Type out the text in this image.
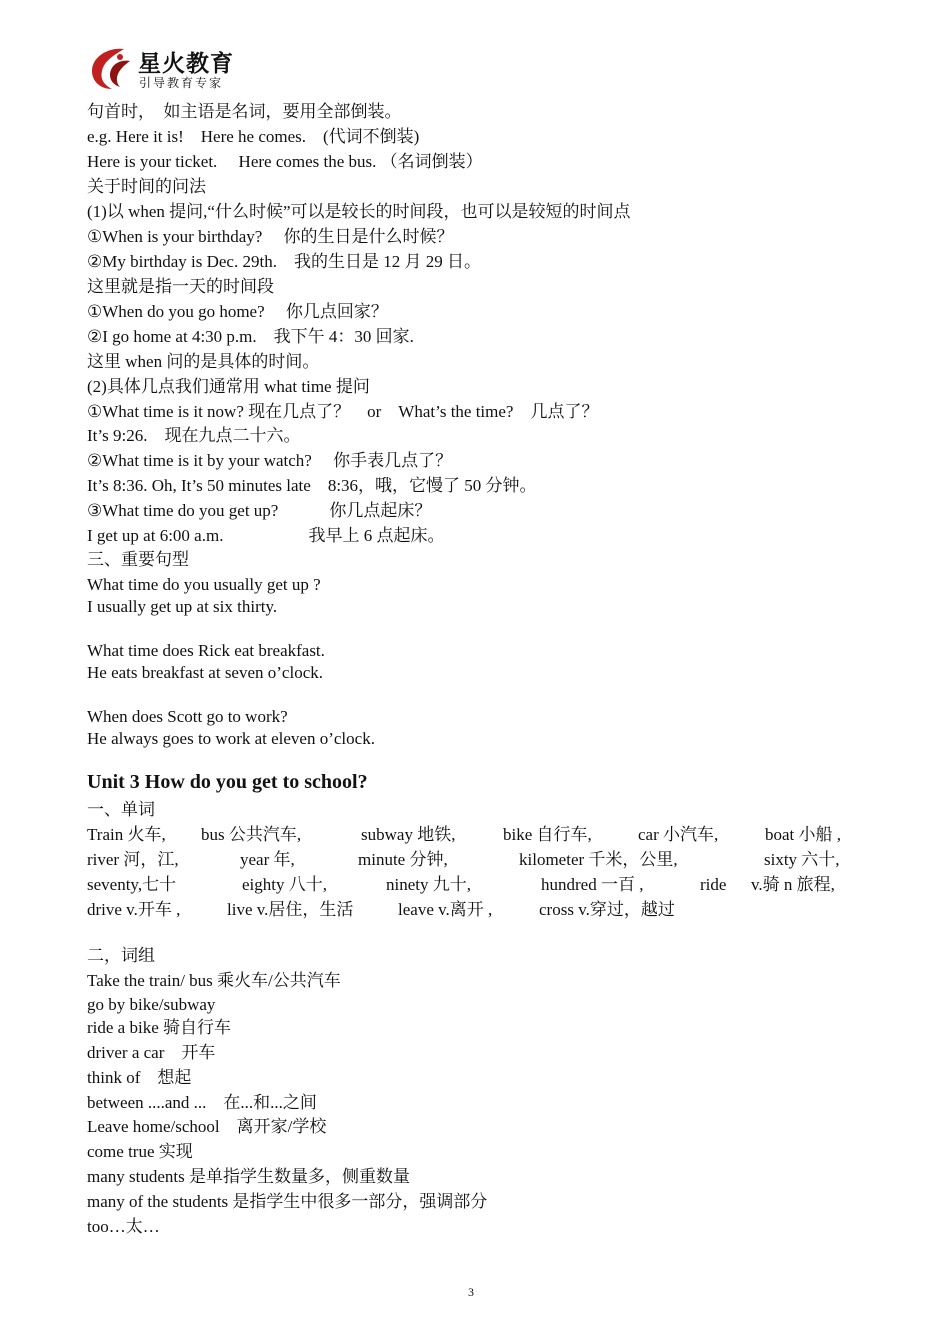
星火教育
引导教育专家
句首时，　如主语是名词，要用全部倒装。
e.g. Here it is!　Here he comes.　(代词不倒装)
Here is your ticket.　 Here comes the bus. （名词倒装）
关于时间的问法
(1)以 when 提问,“什么时候”可以是较长的时间段，也可以是较短的时间点
①When is your birthday?　 你的生日是什么时候？
②My birthday is Dec. 29th.　我的生日是 12 月 29 日。
这里就是指一天的时间段
①When do you go home?　 你几点回家？
②I go home at 4:30 p.m.　我下午 4：30 回家.
这里 when 问的是具体的时间。
(2)具体几点我们通常用 what time 提问
①What time is it now? 现在几点了？　or　What’s the time?　几点了？
It’s 9:26.　现在九点二十六。
②What time is it by your watch?　 你手表几点了？
It’s 8:36. Oh, It’s 50 minutes late　8:36，哦，它慢了 50 分钟。
③What time do you get up?　　　你几点起床？
I get up at 6:00 a.m.　　　　　我早上 6 点起床。
三、重要句型
What time do you usually get up ?
I usually get up at six thirty.
What time does Rick eat breakfast.
He eats breakfast at seven o’clock.
When does Scott go to work?
He always goes to work at eleven o’clock.
Unit 3 How do you get to school?
一、单词
Train 火车, bus 公共汽车,	subway 地铁,	bike 自行车,	car 小汽车,	boat 小船 ,
river 河，江,	year 年,	minute 分钟,	kilometer 千米，公里,	sixty 六十,
seventy,七十	eighty 八十,	ninety 九十,	hundred 一百 ,	ride v.骑 n 旅程,
drive v.开车 ,	live v.居住，生活	leave v.离开 ,	cross v.穿过，越过
二，词组
Take the train/ bus 乘火车/公共汽车
go by bike/subway
ride a bike 骑自行车
driver a car　开车
think of　想起
between ....and ...　在...和...之间
Leave home/school　离开家/学校
come true 实现
many students 是单指学生数量多，侧重数量
many of the students 是指学生中很多一部分，强调部分
too…太…
3
